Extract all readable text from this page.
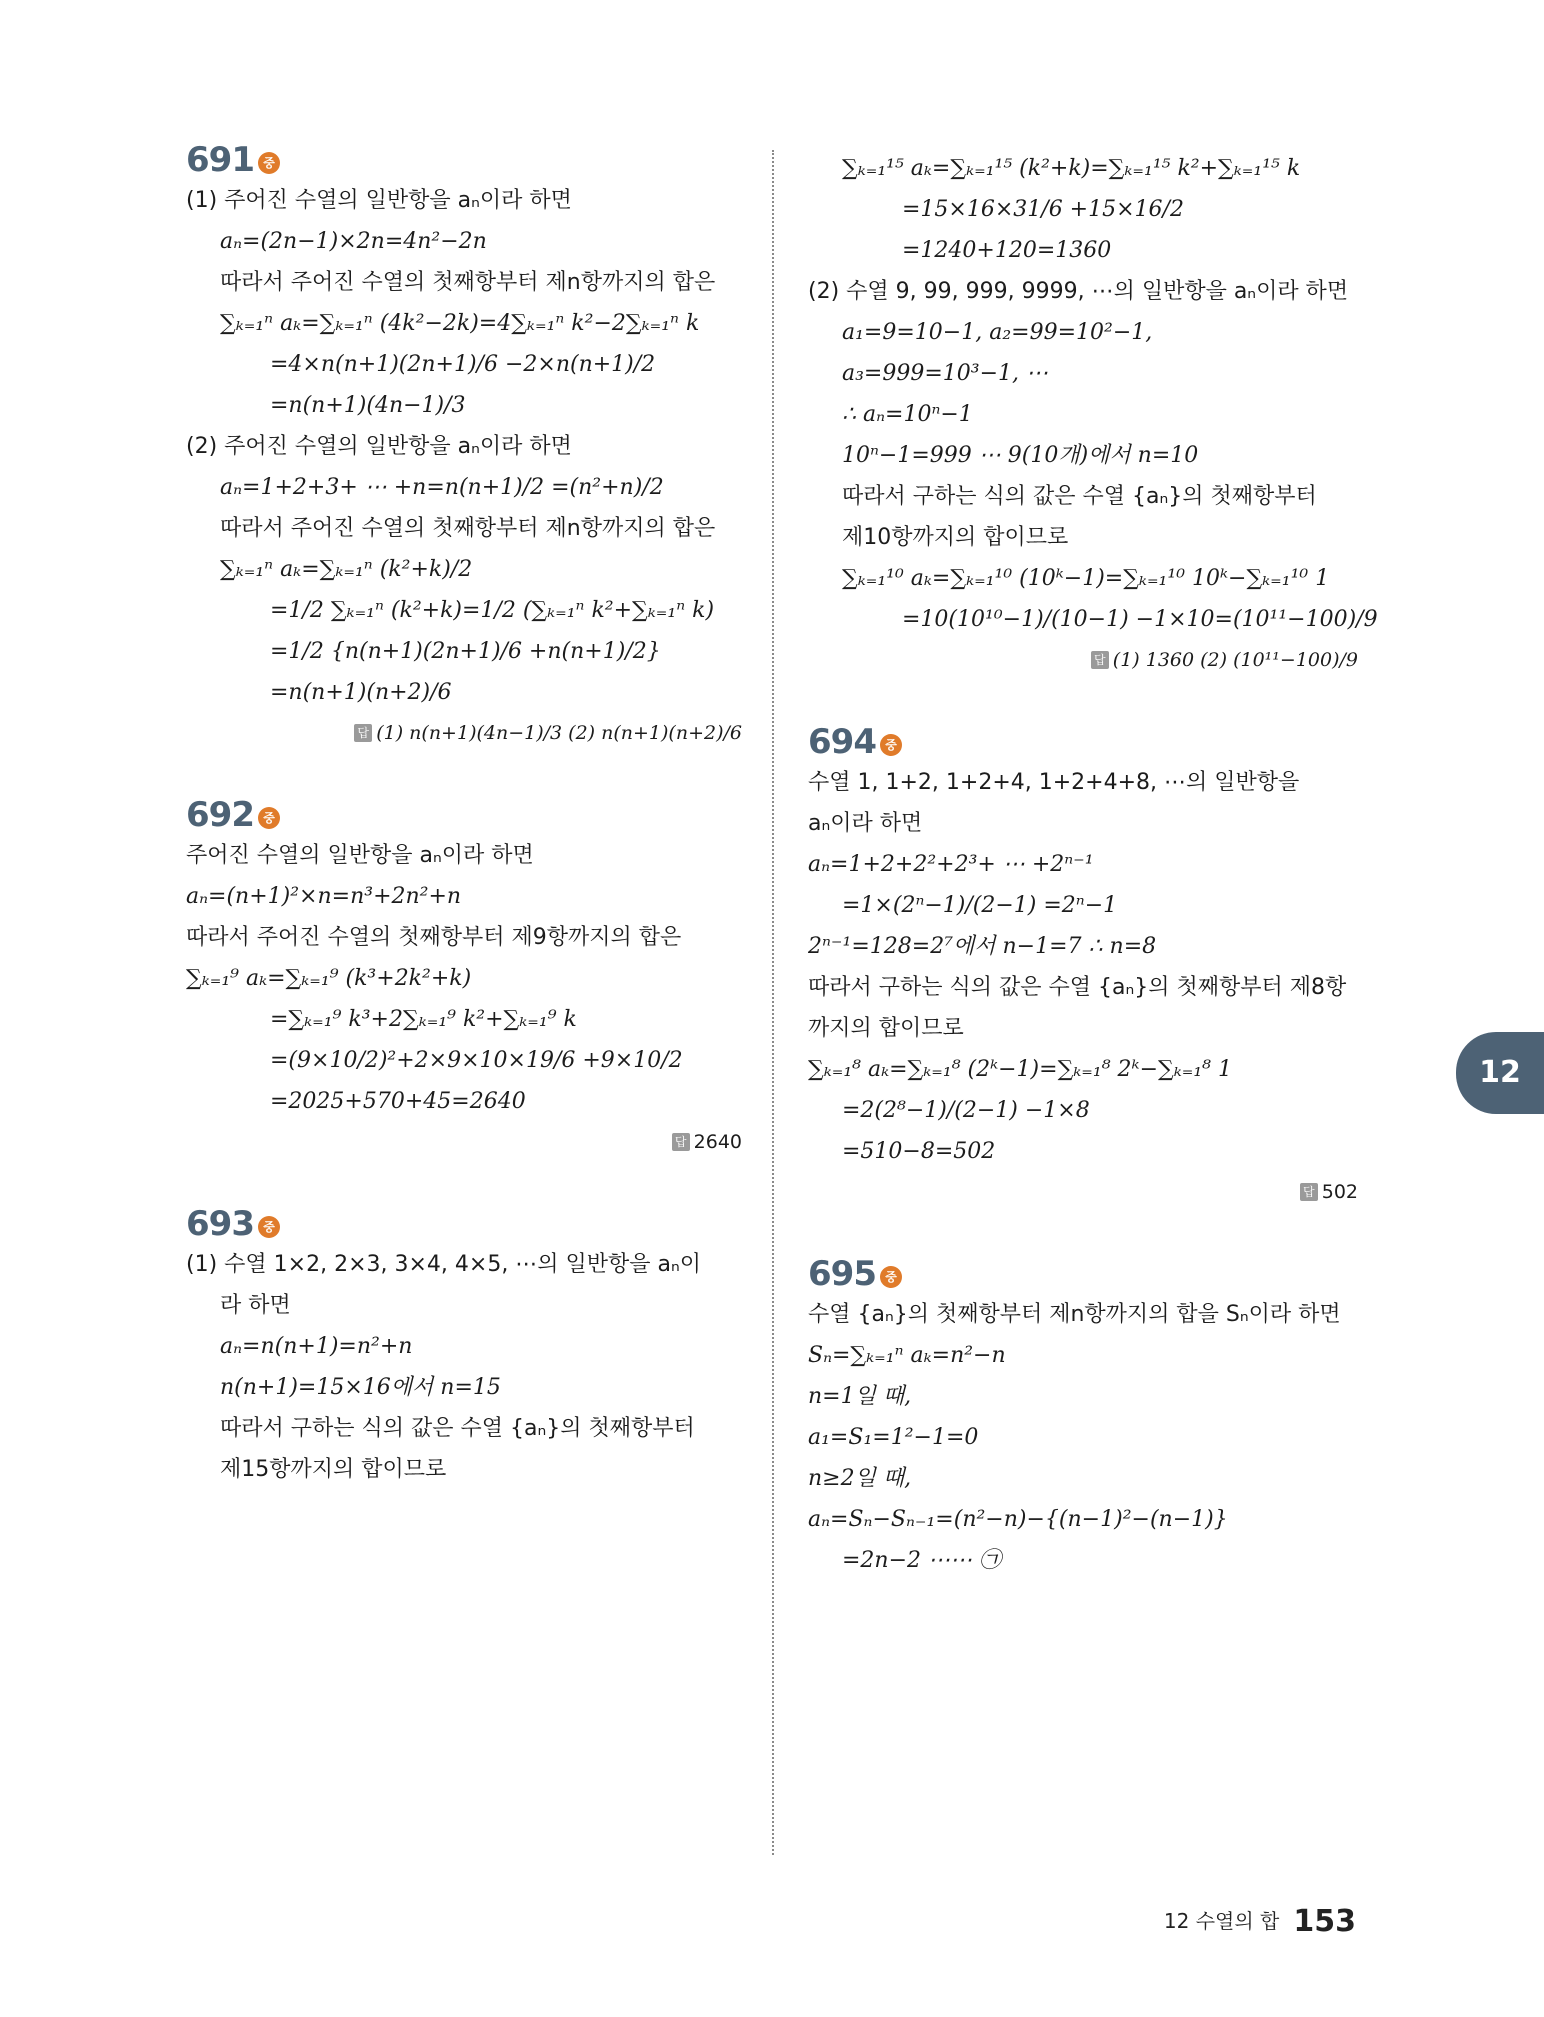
691 중
(1) 주어진 수열의 일반항을 aₙ이라 하면
aₙ=(2n−1)×2n=4n²−2n
따라서 주어진 수열의 첫째항부터 제n항까지의 합은
∑ₖ₌₁ⁿ aₖ=∑ₖ₌₁ⁿ (4k²−2k)=4∑ₖ₌₁ⁿ k²−2∑ₖ₌₁ⁿ k
=4×n(n+1)(2n+1)/6 −2×n(n+1)/2
=n(n+1)(4n−1)/3
(2) 주어진 수열의 일반항을 aₙ이라 하면
aₙ=1+2+3+ ⋯ +n=n(n+1)/2 =(n²+n)/2
따라서 주어진 수열의 첫째항부터 제n항까지의 합은
∑ₖ₌₁ⁿ aₖ=∑ₖ₌₁ⁿ (k²+k)/2
=1/2 ∑ₖ₌₁ⁿ (k²+k)=1/2 (∑ₖ₌₁ⁿ k²+∑ₖ₌₁ⁿ k)
=1/2 {n(n+1)(2n+1)/6 +n(n+1)/2}
=n(n+1)(n+2)/6
답 (1) n(n+1)(4n−1)/3 (2) n(n+1)(n+2)/6
692 중
주어진 수열의 일반항을 aₙ이라 하면
aₙ=(n+1)²×n=n³+2n²+n
따라서 주어진 수열의 첫째항부터 제9항까지의 합은
∑ₖ₌₁⁹ aₖ=∑ₖ₌₁⁹ (k³+2k²+k)
=∑ₖ₌₁⁹ k³+2∑ₖ₌₁⁹ k²+∑ₖ₌₁⁹ k
=(9×10/2)²+2×9×10×19/6 +9×10/2
=2025+570+45=2640
답 2640
693 중
(1) 수열 1×2, 2×3, 3×4, 4×5, ⋯의 일반항을 aₙ이
라 하면
aₙ=n(n+1)=n²+n
n(n+1)=15×16에서 n=15
따라서 구하는 식의 값은 수열 {aₙ}의 첫째항부터
제15항까지의 합이므로
∑ₖ₌₁¹⁵ aₖ=∑ₖ₌₁¹⁵ (k²+k)=∑ₖ₌₁¹⁵ k²+∑ₖ₌₁¹⁵ k
=15×16×31/6 +15×16/2
=1240+120=1360
(2) 수열 9, 99, 999, 9999, ⋯의 일반항을 aₙ이라 하면
a₁=9=10−1, a₂=99=10²−1,
a₃=999=10³−1, ⋯
∴ aₙ=10ⁿ−1
10ⁿ−1=999 ⋯ 9(10개)에서 n=10
따라서 구하는 식의 값은 수열 {aₙ}의 첫째항부터
제10항까지의 합이므로
∑ₖ₌₁¹⁰ aₖ=∑ₖ₌₁¹⁰ (10ᵏ−1)=∑ₖ₌₁¹⁰ 10ᵏ−∑ₖ₌₁¹⁰ 1
=10(10¹⁰−1)/(10−1) −1×10=(10¹¹−100)/9
답 (1) 1360 (2) (10¹¹−100)/9
694 중
수열 1, 1+2, 1+2+4, 1+2+4+8, ⋯의 일반항을
aₙ이라 하면
aₙ=1+2+2²+2³+ ⋯ +2ⁿ⁻¹
=1×(2ⁿ−1)/(2−1) =2ⁿ−1
2ⁿ⁻¹=128=2⁷에서 n−1=7 ∴ n=8
따라서 구하는 식의 값은 수열 {aₙ}의 첫째항부터 제8항
까지의 합이므로
∑ₖ₌₁⁸ aₖ=∑ₖ₌₁⁸ (2ᵏ−1)=∑ₖ₌₁⁸ 2ᵏ−∑ₖ₌₁⁸ 1
=2(2⁸−1)/(2−1) −1×8
=510−8=502
답 502
695 중
수열 {aₙ}의 첫째항부터 제n항까지의 합을 Sₙ이라 하면
Sₙ=∑ₖ₌₁ⁿ aₖ=n²−n
n=1일 때,
a₁=S₁=1²−1=0
n≥2일 때,
aₙ=Sₙ−Sₙ₋₁=(n²−n)−{(n−1)²−(n−1)}
=2n−2 ⋯⋯ ㉠
12
12 수열의 합 153
